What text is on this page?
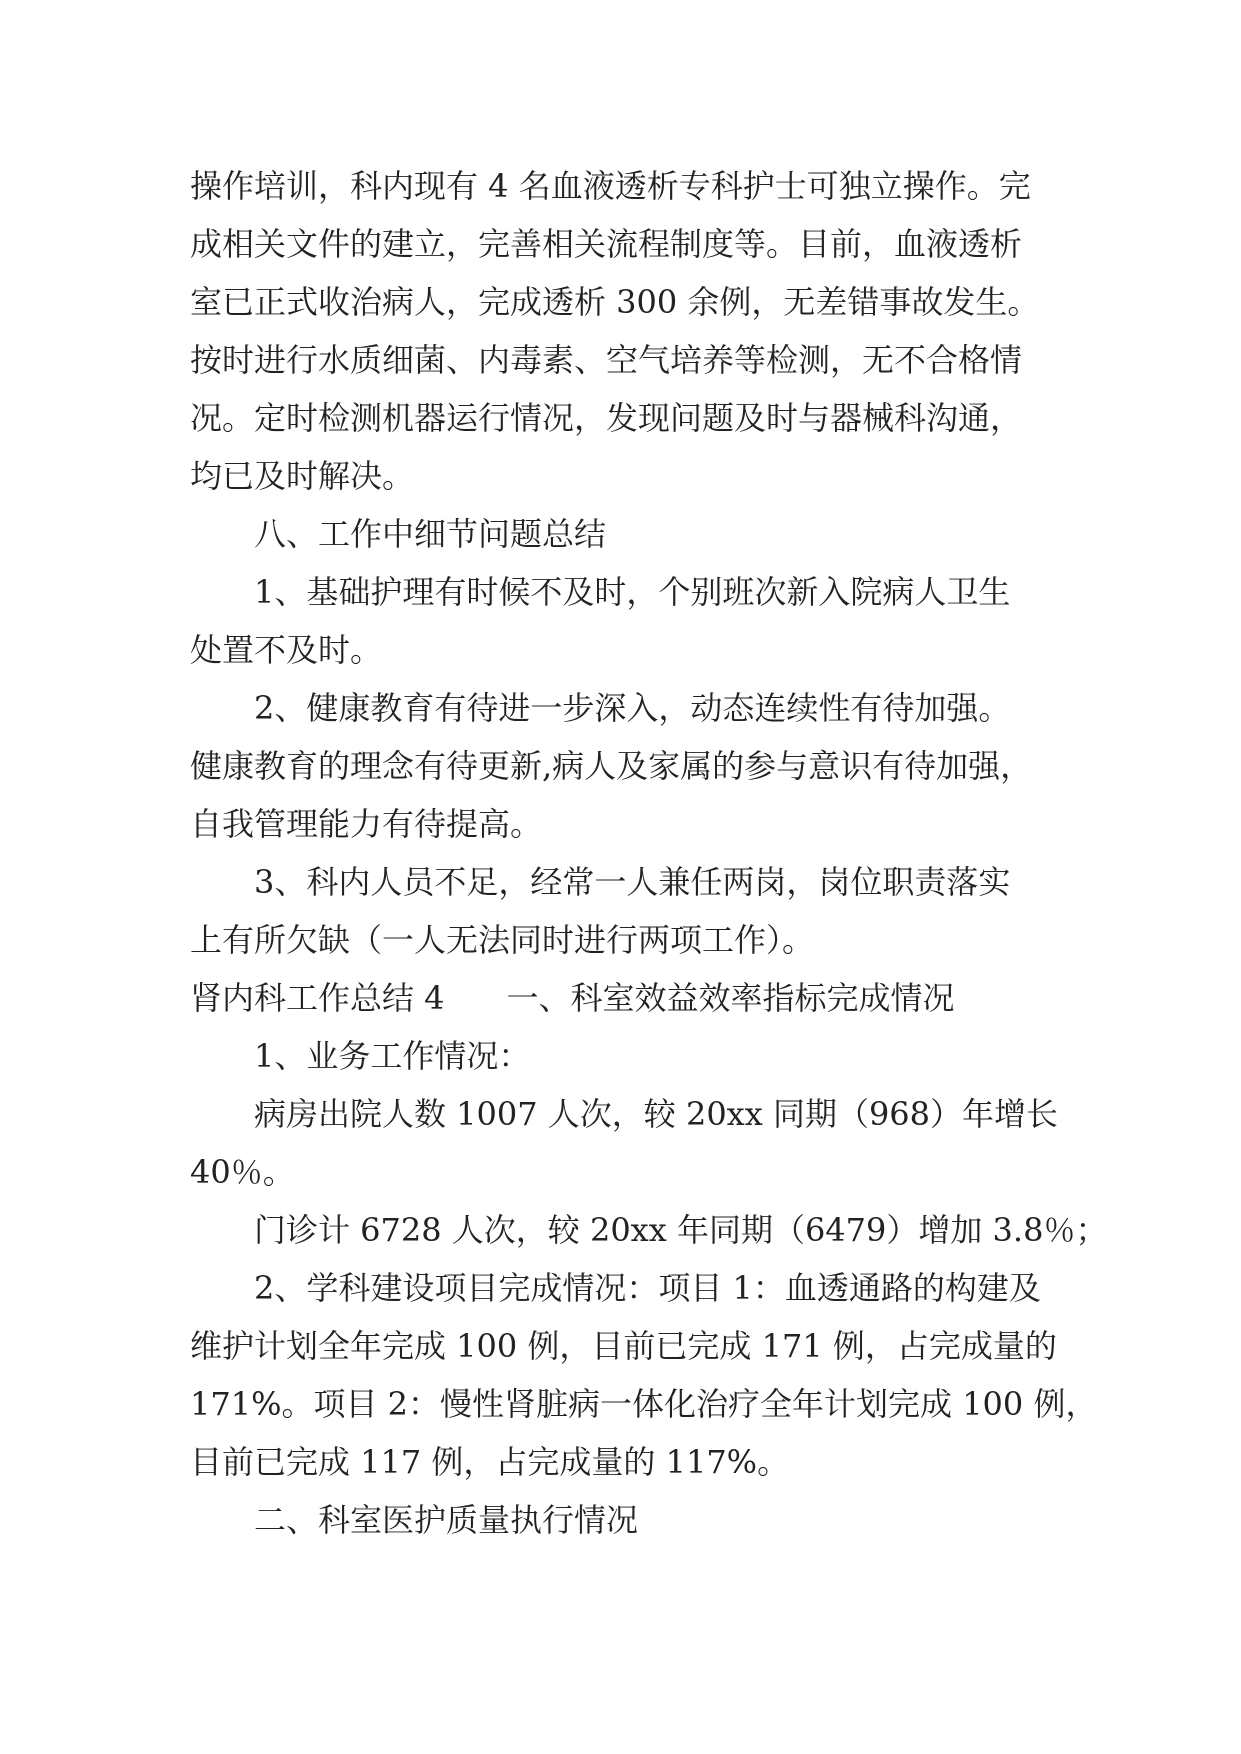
操作培训，科内现有 4 名血液透析专科护士可独立操作。完

成相关文件的建立，完善相关流程制度等。目前，血液透析

室已正式收治病人，完成透析 300 余例，无差错事故发生。

按时进行水质细菌、内毒素、空气培养等检测，无不合格情

况。定时检测机器运行情况，发现问题及时与器械科沟通，

均已及时解决。

八、工作中细节问题总结

1、基础护理有时候不及时，个别班次新入院病人卫生

处置不及时。

2、健康教育有待进一步深入，动态连续性有待加强。

健康教育的理念有待更新,病人及家属的参与意识有待加强，

自我管理能力有待提高。

3、科内人员不足，经常一人兼任两岗，岗位职责落实

上有所欠缺（一人无法同时进行两项工作）。

肾内科工作总结 4 一、科室效益效率指标完成情况

1、业务工作情况：

病房出院人数 1007 人次，较 20xx 同期（968）年增长

40％。

门诊计 6728 人次，较 20xx 年同期（6479）增加 3.8％；

2、学科建设项目完成情况：项目 1：血透通路的构建及

维护计划全年完成 100 例，目前已完成 171 例，占完成量的

171%。项目 2：慢性肾脏病一体化治疗全年计划完成 100 例，

目前已完成 117 例，占完成量的 117%。

二、科室医护质量执行情况
